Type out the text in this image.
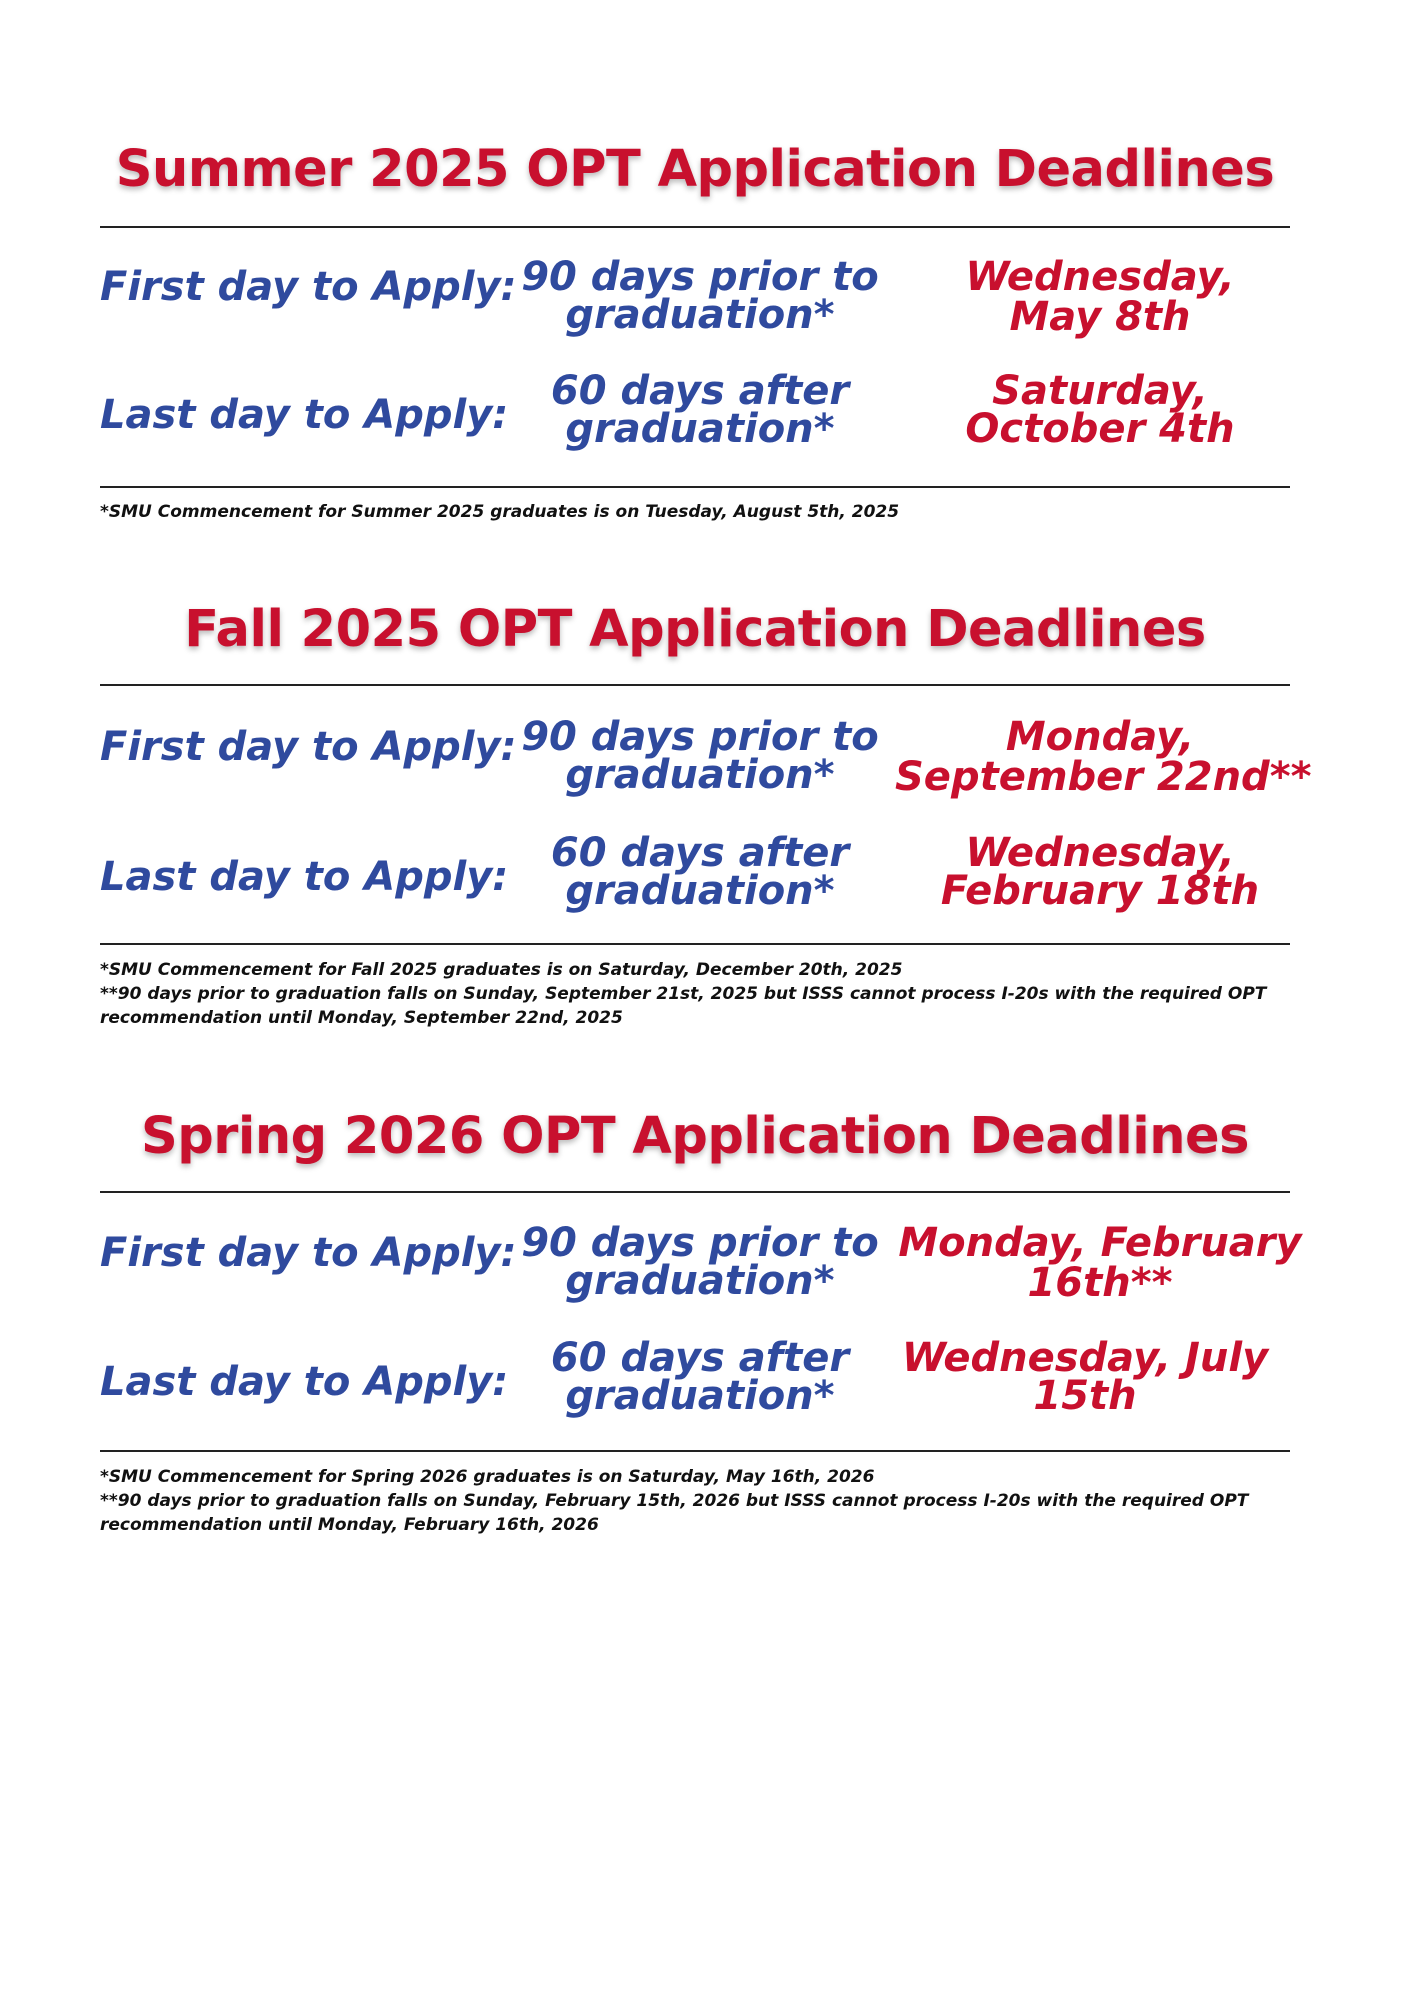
Summer 2025 OPT Application Deadlines
First day to Apply: 90 days prior to
graduation*
Wednesday,
May 8th
Last day to Apply:
60 days after
graduation*
Saturday,
October 4th

*SMU Commencement for Summer 2025 graduates is on Tuesday, August 5th, 2025

Fall 2025 OPT Application Deadlines
First day to Apply: 90 days prior to
graduation*
Monday,
September 22nd**
Last day to Apply:
60 days after
graduation*
Wednesday,
February 18th

*SMU Commencement for Fall 2025 graduates is on Saturday, December 20th, 2025

**90 days prior to graduation falls on Sunday, September 21st, 2025 but ISSS cannot process I-20s with the required OPT recommendation until Monday, September 22nd, 2025

Spring 2026 OPT Application Deadlines
First day to Apply: 90 days prior to
graduation*
Monday, February
16th**
Last day to Apply:
60 days after
graduation*
Wednesday, July
15th

*SMU Commencement for Spring 2026 graduates is on Saturday, May 16th, 2026

**90 days prior to graduation falls on Sunday, February 15th, 2026 but ISSS cannot process I-20s with the required OPT recommendation until Monday, February 16th, 2026
